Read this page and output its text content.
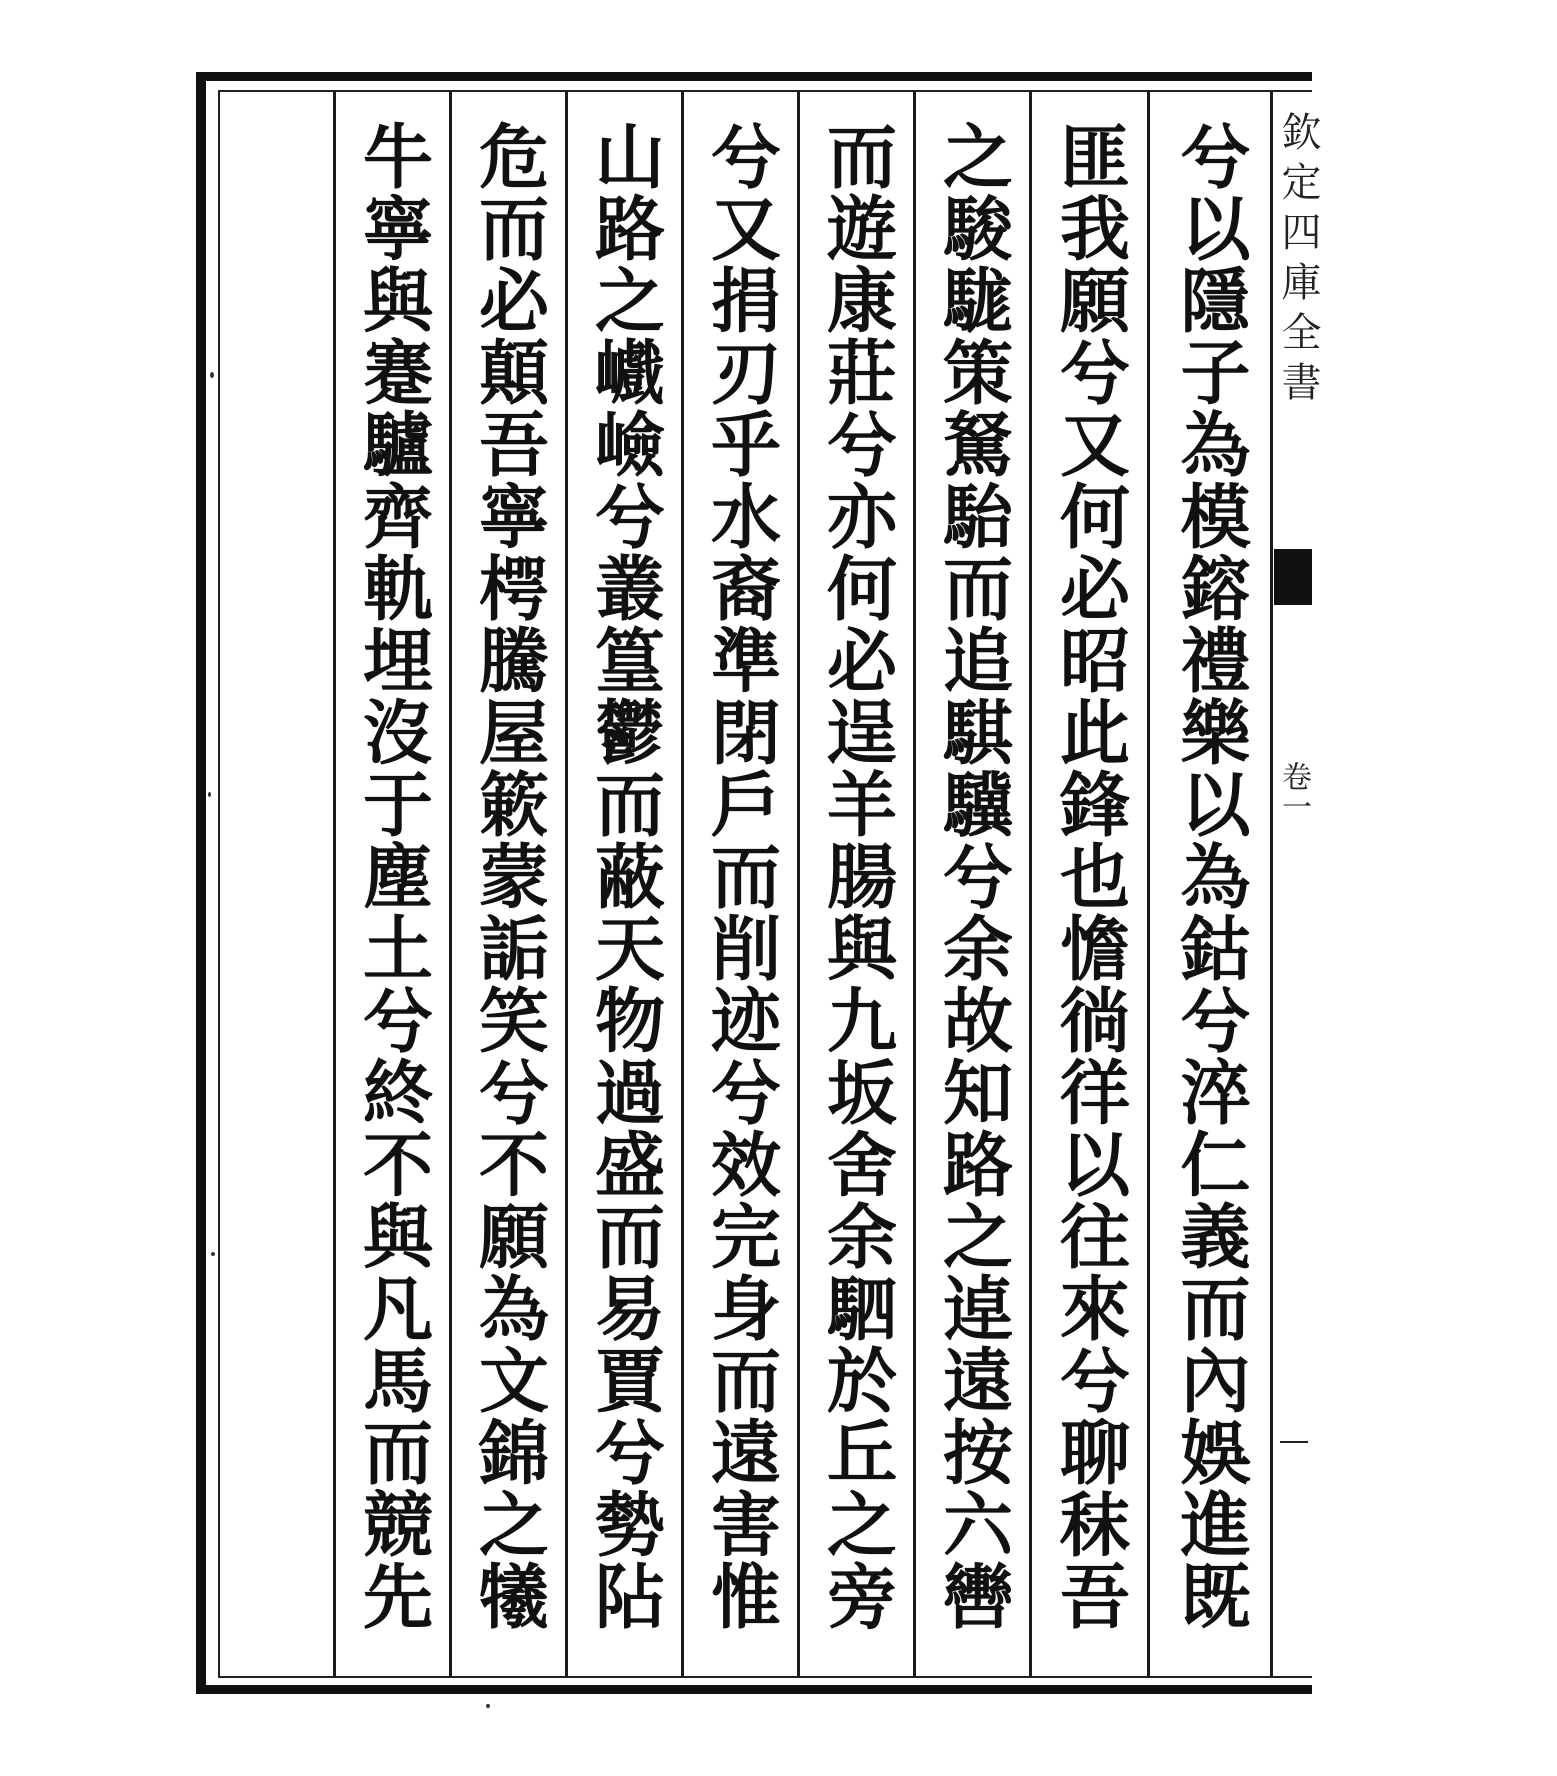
兮以隱子為模鎔禮樂以為鈷兮淬仁義而內娛進既
匪我願兮又何必昭此鋒也憺徜徉以往來兮聊秣吾
之駿駹策駑駘而追騏驥兮余故知路之逴遠按六轡
而遊康莊兮亦何必逞羊腸與九坂舍余駟於丘之旁
兮又捐刃乎水裔準閉戶而削迹兮效完身而遠害惟
山路之巇嶮兮叢篁鬱而蔽天物過盛而易賈兮勢阽
危而必顛吾寧㮙騰屋簌蒙詬笑兮不願為文錦之犧
牛寧與蹇驢齊軌埋沒于塵土兮終不與凡馬而競先	欽定四庫全書
卷一
